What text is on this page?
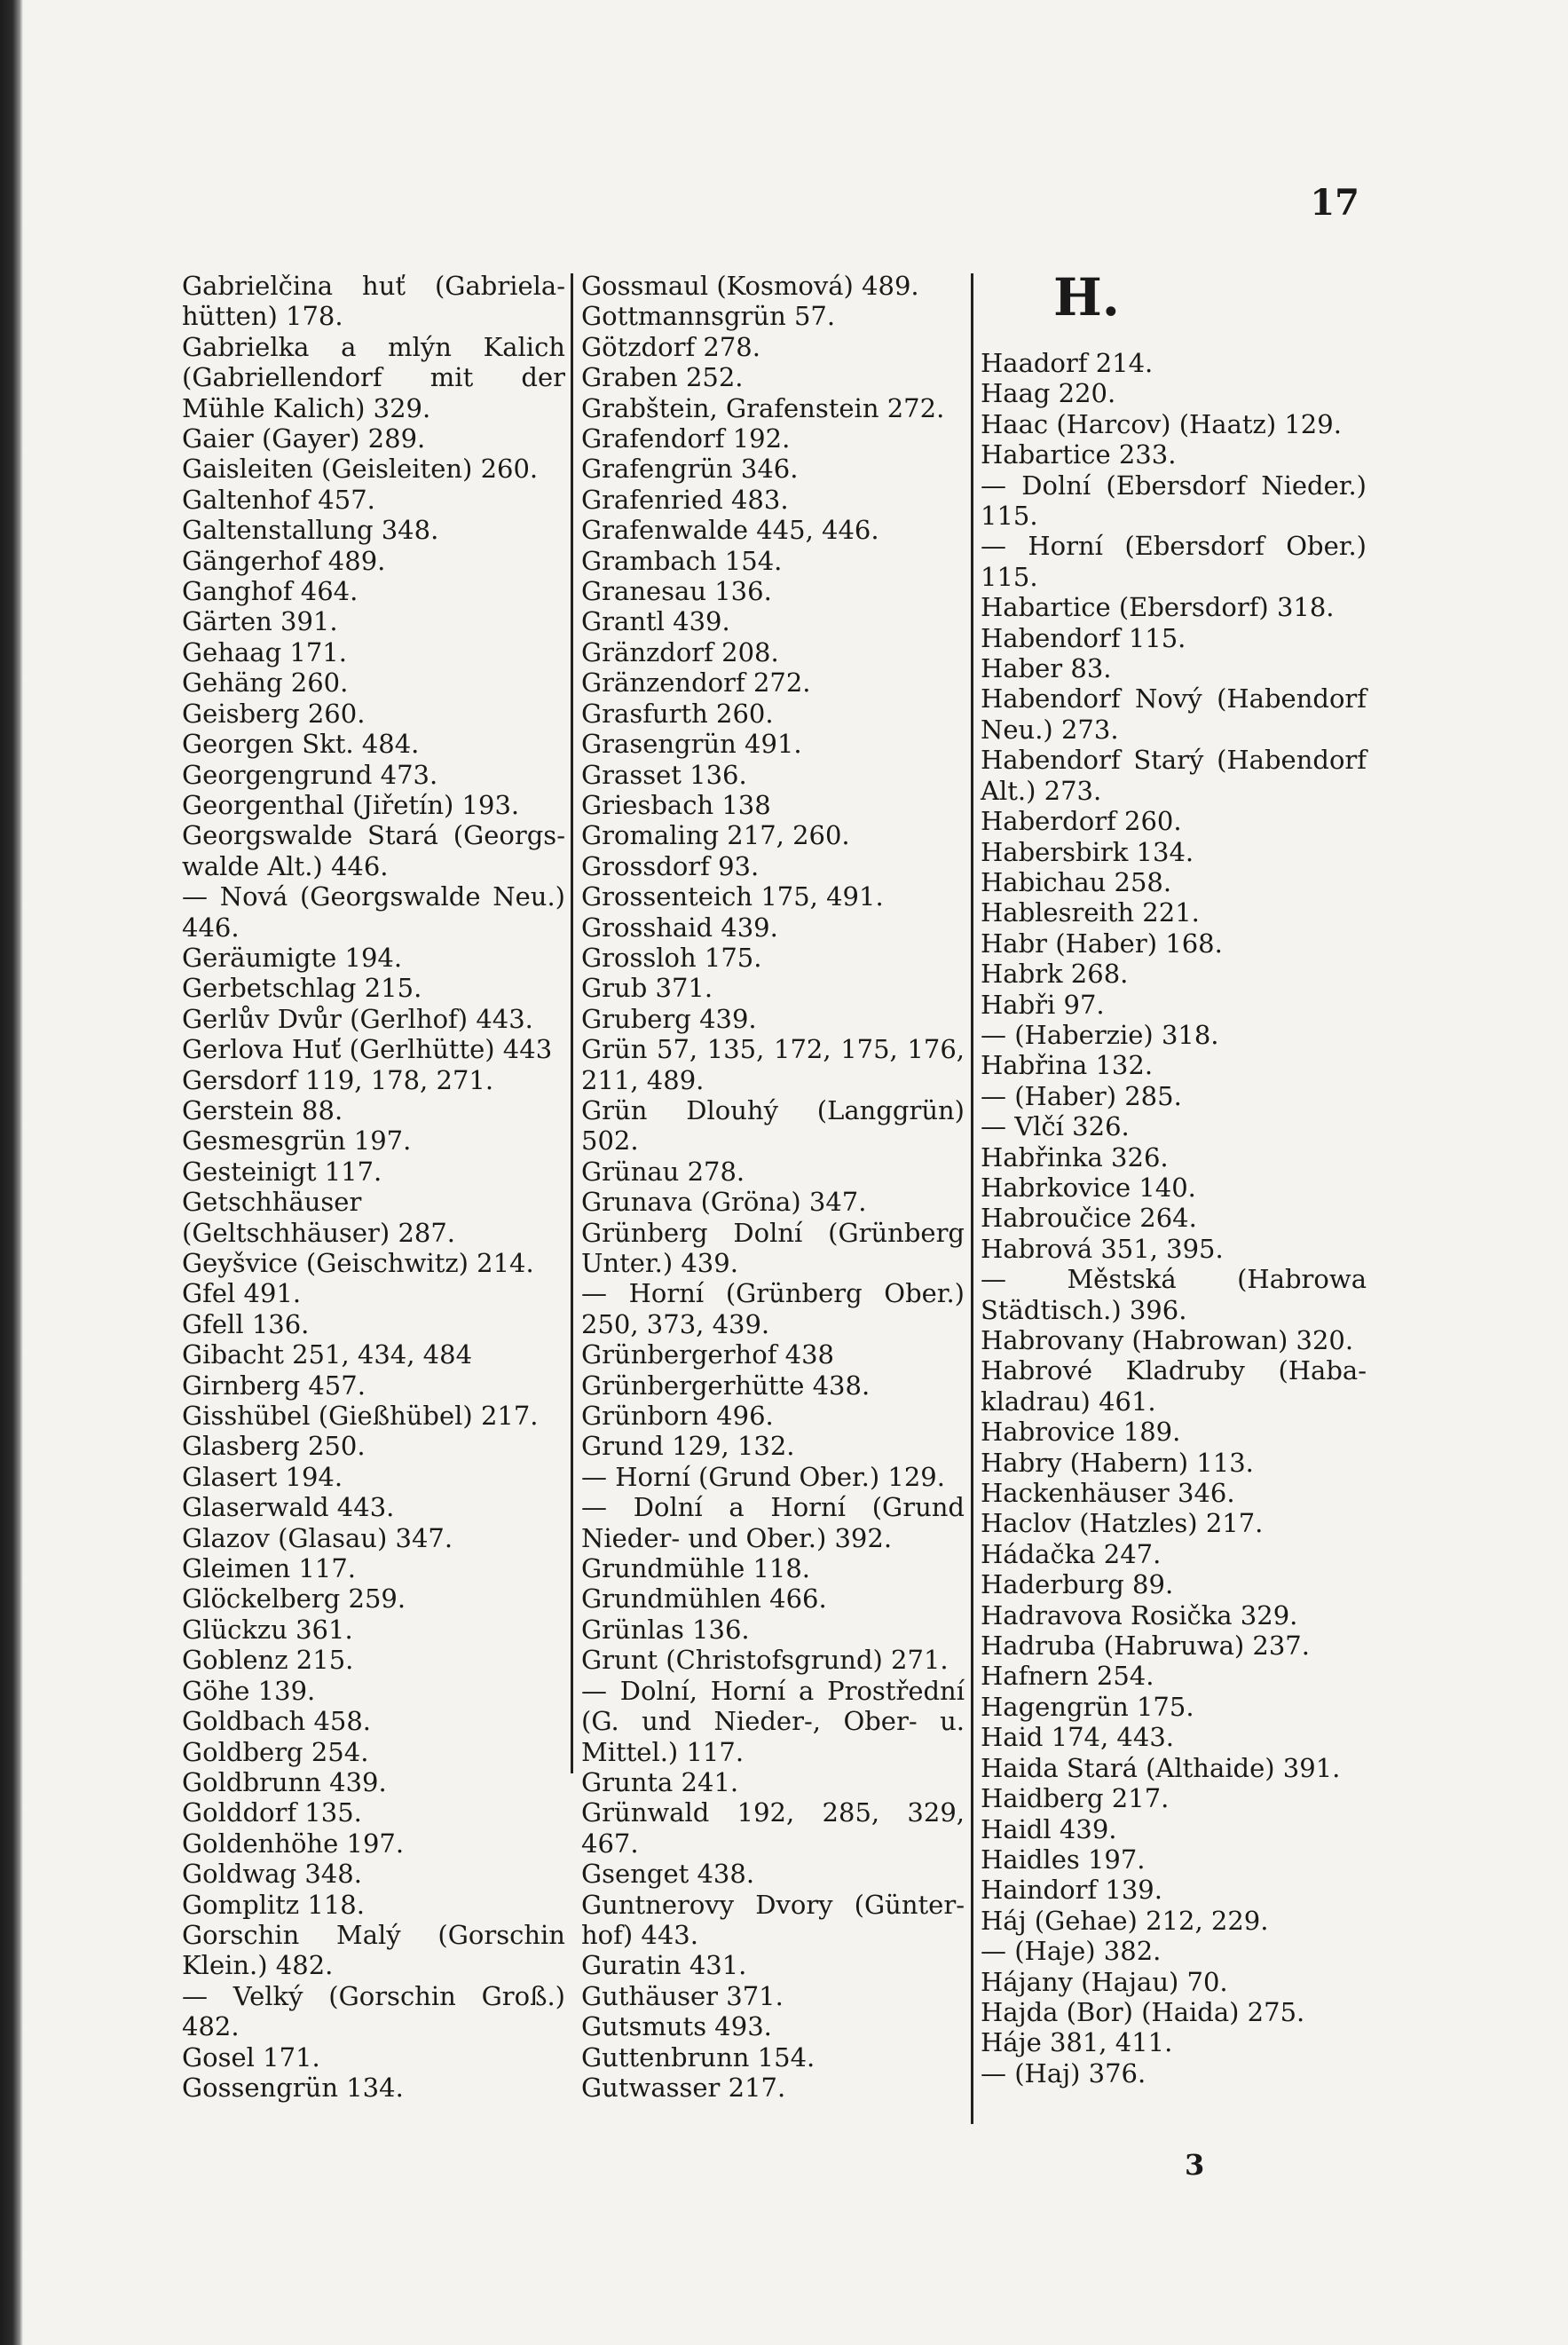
17
Gabrielčina huť (Gabriela-hütten) 178.
Gabrielka a mlýn Kalich (Gabriellendorf mit der Mühle Kalich) 329.
Gaier (Gayer) 289.
Gaisleiten (Geisleiten) 260.
Galtenhof 457.
Galtenstallung 348.
Gängerhof 489.
Ganghof 464.
Gärten 391.
Gehaag 171.
Gehäng 260.
Geisberg 260.
Georgen Skt. 484.
Georgengrund 473.
Georgenthal (Jiřetín) 193.
Georgswalde Stará (Georgs-walde Alt.) 446.
— Nová (Georgswalde Neu.) 446.
Geräumigte 194.
Gerbetschlag 215.
Gerlův Dvůr (Gerlhof) 443.
Gerlova Huť (Gerlhütte) 443
Gersdorf 119, 178, 271.
Gerstein 88.
Gesmesgrün 197.
Gesteinigt 117.
Getschhäuser (Geltschhäuser) 287.
Geyšvice (Geischwitz) 214.
Gfel 491.
Gfell 136.
Gibacht 251, 434, 484
Girnberg 457.
Gisshübel (Gießhübel) 217.
Glasberg 250.
Glasert 194.
Glaserwald 443.
Glazov (Glasau) 347.
Gleimen 117.
Glöckelberg 259.
Glückzu 361.
Goblenz 215.
Göhe 139.
Goldbach 458.
Goldberg 254.
Goldbrunn 439.
Golddorf 135.
Goldenhöhe 197.
Goldwag 348.
Gomplitz 118.
Gorschin Malý (Gorschin Klein.) 482.
— Velký (Gorschin Groß.) 482.
Gosel 171.
Gossengrün 134.
Gossmaul (Kosmová) 489.
Gottmannsgrün 57.
Götzdorf 278.
Graben 252.
Grabštein, Grafenstein 272.
Grafendorf 192.
Grafengrün 346.
Grafenried 483.
Grafenwalde 445, 446.
Grambach 154.
Granesau 136.
Grantl 439.
Gränzdorf 208.
Gränzendorf 272.
Grasfurth 260.
Grasengrün 491.
Grasset 136.
Griesbach 138
Gromaling 217, 260.
Grossdorf 93.
Grossenteich 175, 491.
Grosshaid 439.
Grossloh 175.
Grub 371.
Gruberg 439.
Grün 57, 135, 172, 175, 176, 211, 489.
Grün Dlouhý (Langgrün) 502.
Grünau 278.
Grunava (Gröna) 347.
Grünberg Dolní (Grünberg Unter.) 439.
— Horní (Grünberg Ober.) 250, 373, 439.
Grünbergerhof 438
Grünbergerhütte 438.
Grünborn 496.
Grund 129, 132.
— Horní (Grund Ober.) 129.
— Dolní a Horní (Grund Nieder- und Ober.) 392.
Grundmühle 118.
Grundmühlen 466.
Grünlas 136.
Grunt (Christofsgrund) 271.
— Dolní, Horní a Prostřední (G. und Nieder-, Ober- u. Mittel.) 117.
Grunta 241.
Grünwald 192, 285, 329, 467.
Gsenget 438.
Guntnerovy Dvory (Günter-hof) 443.
Guratin 431.
Guthäuser 371.
Gutsmuts 493.
Guttenbrunn 154.
Gutwasser 217.
H.
Haadorf 214.
Haag 220.
Haac (Harcov) (Haatz) 129.
Habartice 233.
— Dolní (Ebersdorf Nieder.) 115.
— Horní (Ebersdorf Ober.) 115.
Habartice (Ebersdorf) 318.
Habendorf 115.
Haber 83.
Habendorf Nový (Habendorf Neu.) 273.
Habendorf Starý (Habendorf Alt.) 273.
Haberdorf 260.
Habersbirk 134.
Habichau 258.
Hablesreith 221.
Habr (Haber) 168.
Habrk 268.
Habři 97.
— (Haberzie) 318.
Habřina 132.
— (Haber) 285.
— Vlčí 326.
Habřinka 326.
Habrkovice 140.
Habroučice 264.
Habrová 351, 395.
— Městská (Habrowa Städtisch.) 396.
Habrovany (Habrowan) 320.
Habrové Kladruby (Haba-kladrau) 461.
Habrovice 189.
Habry (Habern) 113.
Hackenhäuser 346.
Haclov (Hatzles) 217.
Hádačka 247.
Haderburg 89.
Hadravova Rosička 329.
Hadruba (Habruwa) 237.
Hafnern 254.
Hagengrün 175.
Haid 174, 443.
Haida Stará (Althaide) 391.
Haidberg 217.
Haidl 439.
Haidles 197.
Haindorf 139.
Háj (Gehae) 212, 229.
— (Haje) 382.
Hájany (Hajau) 70.
Hajda (Bor) (Haida) 275.
Háje 381, 411.
— (Haj) 376.
3
